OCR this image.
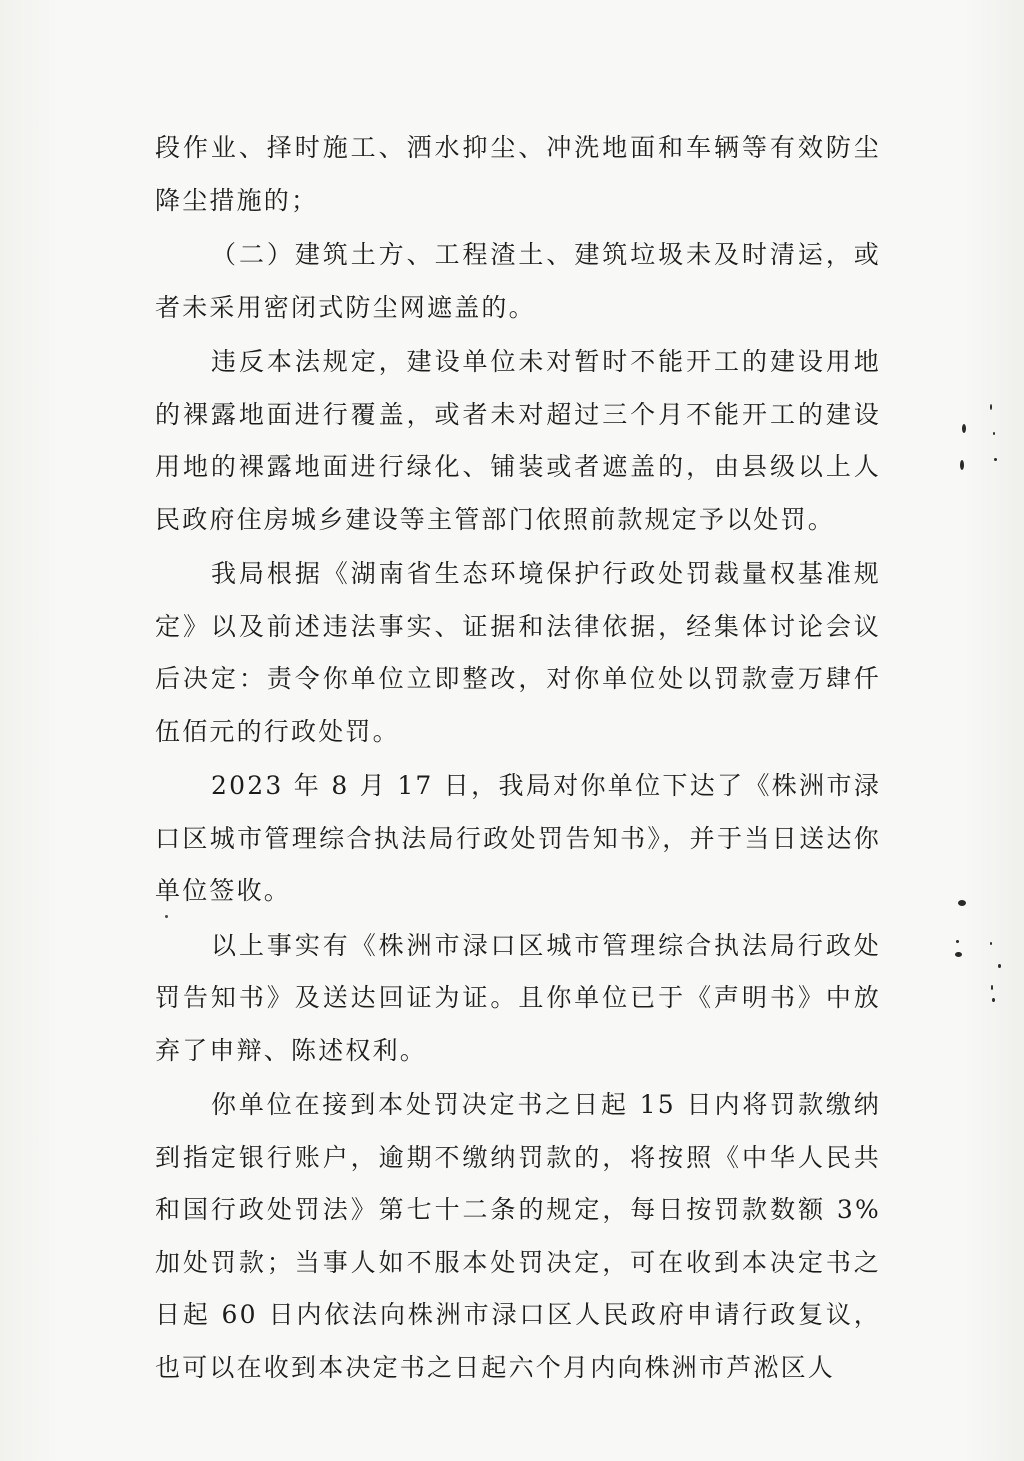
段作业、择时施工、洒水抑尘、冲洗地面和车辆等有效防尘降尘措施的；

（二）建筑土方、工程渣土、建筑垃圾未及时清运，或者未采用密闭式防尘网遮盖的。

违反本法规定，建设单位未对暂时不能开工的建设用地的裸露地面进行覆盖，或者未对超过三个月不能开工的建设用地的裸露地面进行绿化、铺装或者遮盖的，由县级以上人民政府住房城乡建设等主管部门依照前款规定予以处罚。

我局根据《湖南省生态环境保护行政处罚裁量权基准规定》以及前述违法事实、证据和法律依据，经集体讨论会议后决定：责令你单位立即整改，对你单位处以罚款壹万肆仟伍佰元的行政处罚。

2023 年 8 月 17 日，我局对你单位下达了《株洲市渌口区城市管理综合执法局行政处罚告知书》，并于当日送达你单位签收。

以上事实有《株洲市渌口区城市管理综合执法局行政处罚告知书》及送达回证为证。且你单位已于《声明书》中放弃了申辩、陈述权利。

你单位在接到本处罚决定书之日起 15 日内将罚款缴纳到指定银行账户，逾期不缴纳罚款的，将按照《中华人民共和国行政处罚法》第七十二条的规定，每日按罚款数额 3%加处罚款；当事人如不服本处罚决定，可在收到本决定书之日起 60 日内依法向株洲市渌口区人民政府申请行政复议，也可以在收到本决定书之日起六个月内向株洲市芦淞区人
